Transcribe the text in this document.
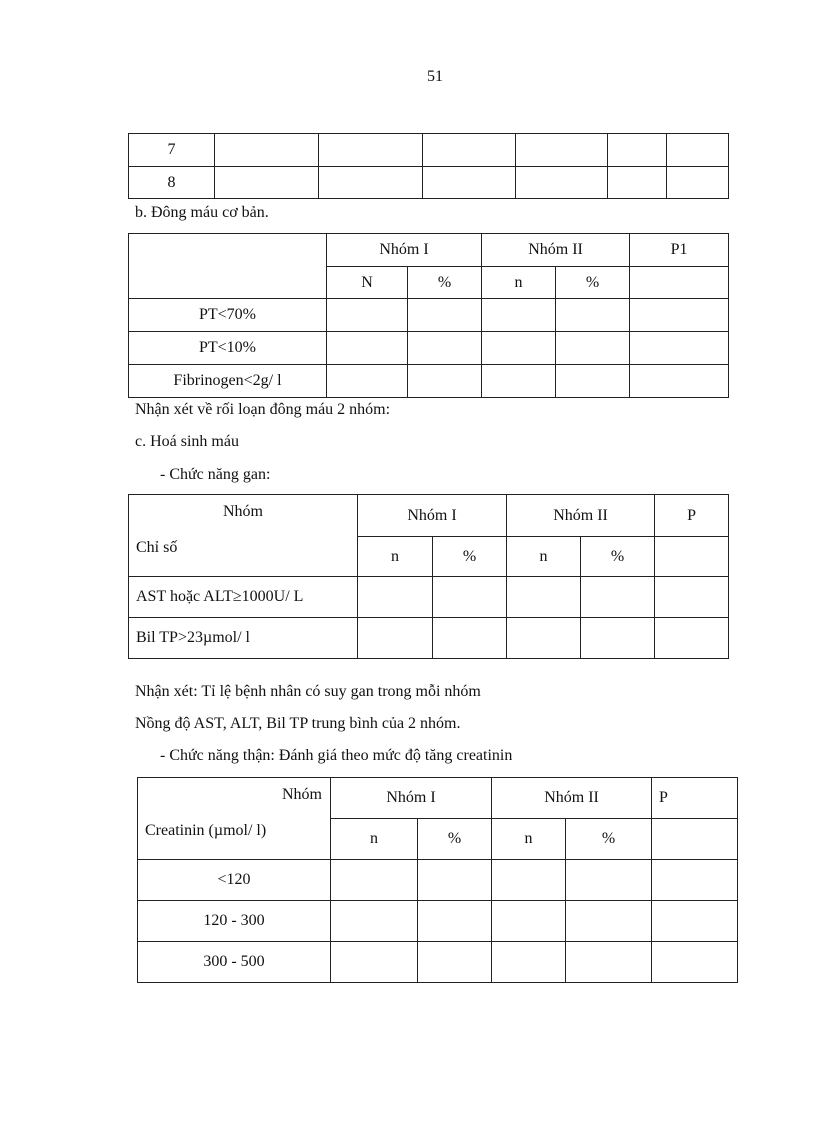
51
7						
8						
b. Đông máu cơ bản.
	Nhóm I		Nhóm II		P1
	N	%	n	%	
PT<70%					
PT<10%					
Fibrinogen<2g/ l					
Nhận xét về rối loạn đông máu 2 nhóm:
c. Hoá sinh máu
- Chức năng gan:
Nhóm
Chỉ số	Nhóm I		Nhóm II		P
	n	%	n	%	
AST hoặc ALT≥1000U/ L					
Bil TP>23µmol/ l					
Nhận xét: Tỉ lệ bệnh nhân có suy gan trong mỗi nhóm
Nồng độ AST, ALT, Bil TP trung bình của 2 nhóm.
- Chức năng thận: Đánh giá theo mức độ tăng creatinin
Nhóm
Creatinin (µmol/ l)	Nhóm I		Nhóm II		P
	n	%	n	%	
<120					
120 - 300					
300 - 500					
